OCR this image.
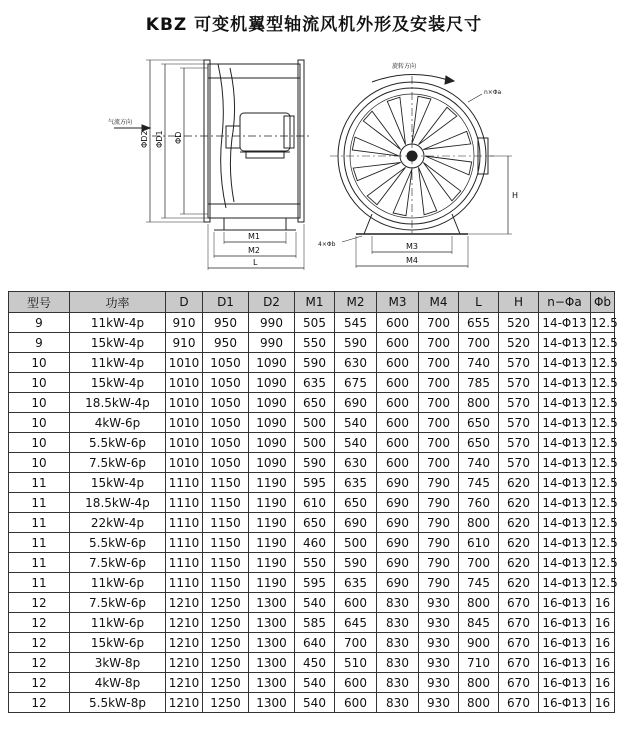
KBZ 可变机翼型轴流风机外形及安装尺寸
气流方向
ΦD2 ΦD1 ΦD
M1
M2
L
旋转方向
n×Φa
H
M3
M4
4×Φb
型号	功率	D	D1	D2	M1	M2	M3	M4	L	H	n−Φa	Φb
9	11kW-4p	910	950	990	505	545	600	700	655	520	14-Φ13	12.5
9	15kW-4p	910	950	990	550	590	600	700	700	520	14-Φ13	12.5
10	11kW-4p	1010	1050	1090	590	630	600	700	740	570	14-Φ13	12.5
10	15kW-4p	1010	1050	1090	635	675	600	700	785	570	14-Φ13	12.5
10	18.5kW-4p	1010	1050	1090	650	690	600	700	800	570	14-Φ13	12.5
10	4kW-6p	1010	1050	1090	500	540	600	700	650	570	14-Φ13	12.5
10	5.5kW-6p	1010	1050	1090	500	540	600	700	650	570	14-Φ13	12.5
10	7.5kW-6p	1010	1050	1090	590	630	600	700	740	570	14-Φ13	12.5
11	15kW-4p	1110	1150	1190	595	635	690	790	745	620	14-Φ13	12.5
11	18.5kW-4p	1110	1150	1190	610	650	690	790	760	620	14-Φ13	12.5
11	22kW-4p	1110	1150	1190	650	690	690	790	800	620	14-Φ13	12.5
11	5.5kW-6p	1110	1150	1190	460	500	690	790	610	620	14-Φ13	12.5
11	7.5kW-6p	1110	1150	1190	550	590	690	790	700	620	14-Φ13	12.5
11	11kW-6p	1110	1150	1190	595	635	690	790	745	620	14-Φ13	12.5
12	7.5kW-6p	1210	1250	1300	540	600	830	930	800	670	16-Φ13	16
12	11kW-6p	1210	1250	1300	585	645	830	930	845	670	16-Φ13	16
12	15kW-6p	1210	1250	1300	640	700	830	930	900	670	16-Φ13	16
12	3kW-8p	1210	1250	1300	450	510	830	930	710	670	16-Φ13	16
12	4kW-8p	1210	1250	1300	540	600	830	930	800	670	16-Φ13	16
12	5.5kW-8p	1210	1250	1300	540	600	830	930	800	670	16-Φ13	16
